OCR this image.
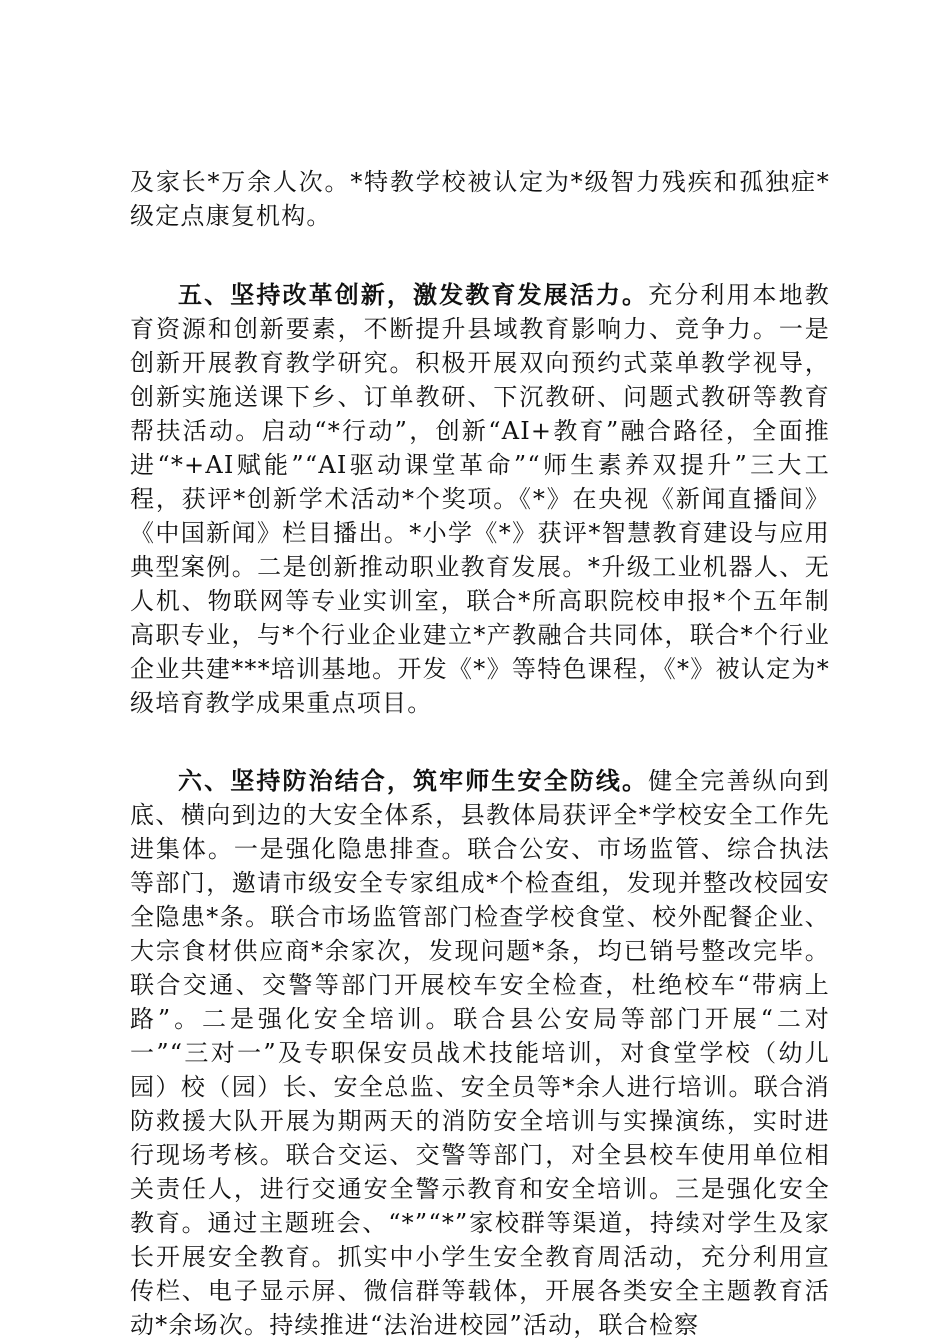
及家长*万余人次。*特教学校被认定为*级智力残疾和孤独症*级定点康复机构。

五、坚持改革创新，激发教育发展活力。充分利用本地教育资源和创新要素，不断提升县域教育影响力、竞争力。一是创新开展教育教学研究。积极开展双向预约式菜单教学视导，创新实施送课下乡、订单教研、下沉教研、问题式教研等教育帮扶活动。启动“*行动”，创新“AI+教育”融合路径，全面推进“*+AI赋能”“AI驱动课堂革命”“师生素养双提升”三大工程，获评*创新学术活动*个奖项。《*》在央视《新闻直播间》《中国新闻》栏目播出。*小学《*》获评*智慧教育建设与应用典型案例。二是创新推动职业教育发展。*升级工业机器人、无人机、物联网等专业实训室，联合*所高职院校申报*个五年制高职专业，与*个行业企业建立*产教融合共同体，联合*个行业企业共建***培训基地。开发《*》等特色课程，《*》被认定为*级培育教学成果重点项目。

六、坚持防治结合，筑牢师生安全防线。健全完善纵向到底、横向到边的大安全体系，县教体局获评全*学校安全工作先进集体。一是强化隐患排查。联合公安、市场监管、综合执法等部门，邀请市级安全专家组成*个检查组，发现并整改校园安全隐患*条。联合市场监管部门检查学校食堂、校外配餐企业、大宗食材供应商*余家次，发现问题*条，均已销号整改完毕。联合交通、交警等部门开展校车安全检查，杜绝校车“带病上路”。二是强化安全培训。联合县公安局等部门开展“二对一”“三对一”及专职保安员战术技能培训，对食堂学校（幼儿园）校（园）长、安全总监、安全员等*余人进行培训。联合消防救援大队开展为期两天的消防安全培训与实操演练，实时进行现场考核。联合交运、交警等部门，对全县校车使用单位相关责任人，进行交通安全警示教育和安全培训。三是强化安全教育。通过主题班会、“*”“*”家校群等渠道，持续对学生及家长开展安全教育。抓实中小学生安全教育周活动，充分利用宣传栏、电子显示屏、微信群等载体，开展各类安全主题教育活动*余场次。持续推进“法治进校园”活动，联合检察
